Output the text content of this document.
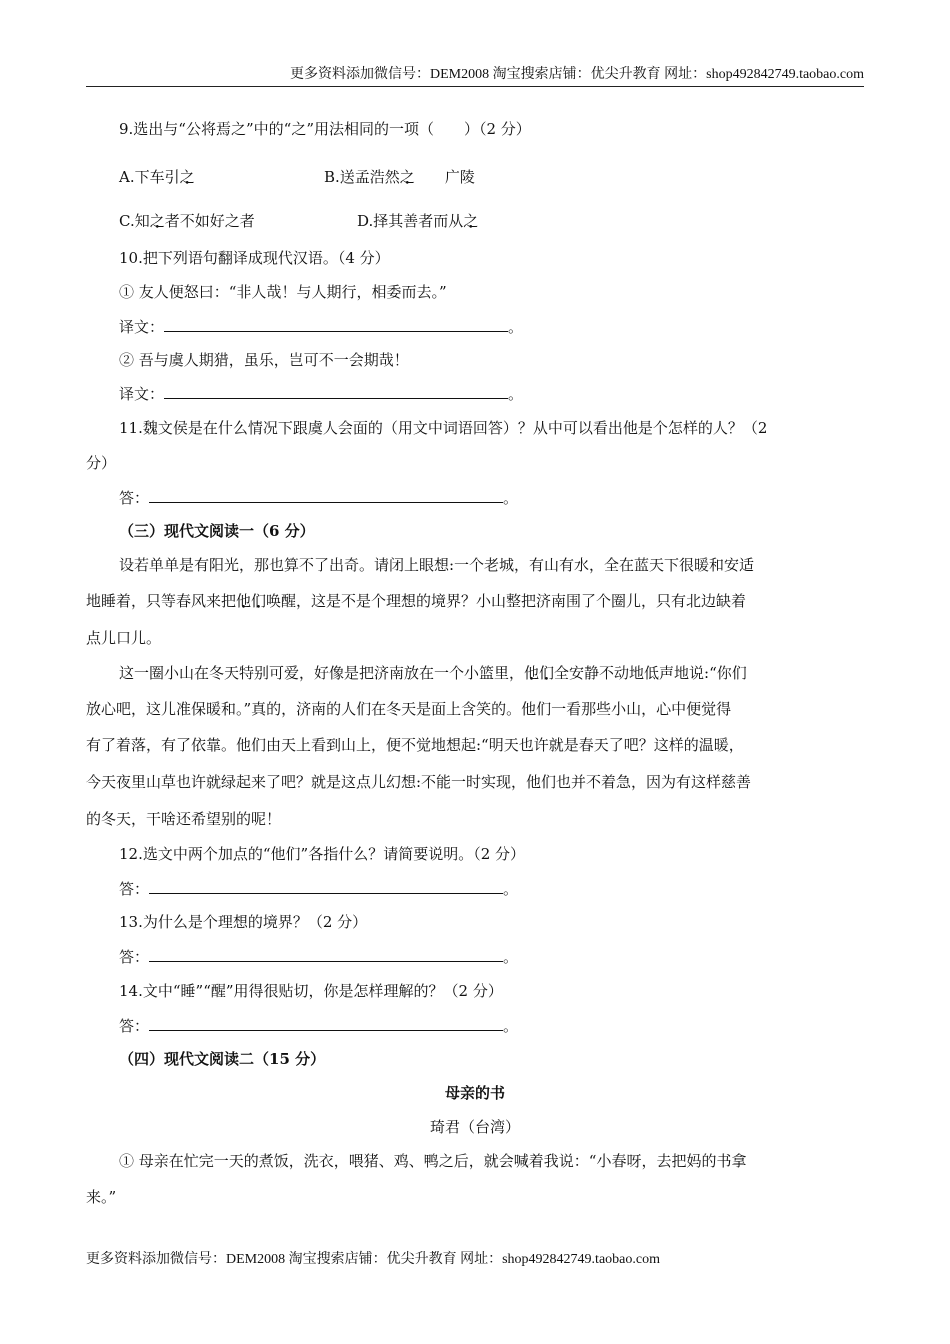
更多资料添加微信号：DEM2008 淘宝搜索店铺：优尖升教育 网址：shop492842749.taobao.com
9.选出与“公将焉之”中的“之”用法相同的一项（　　）（2 分）
A.下车引之	B.送孟浩然之　　广陵
C.知之者不如好之者	D.择其善者而从之
10.把下列语句翻译成现代汉语。（4 分）
① 友人便怒曰：“非人哉！与人期行，相委而去。”
译文：	。
② 吾与虞人期猎，虽乐，岂可不一会期哉！
译文：	。
11.魏文侯是在什么情况下跟虞人会面的（用文中词语回答）？从中可以看出他是个怎样的人？（2
分）
答：	。
（三）现代文阅读一（6 分）
设若单单是有阳光，那也算不了出奇。请闭上眼想:一个老城，有山有水，全在蓝天下很暖和安适
地睡着，只等春风来把他们唤醒，这是不是个理想的境界？小山整把济南围了个圈儿，只有北边缺着
点儿口儿。
这一圈小山在冬天特别可爱，好像是把济南放在一个小篮里，他们全安静不动地低声地说:“你们
放心吧，这儿准保暖和。”真的，济南的人们在冬天是面上含笑的。他们一看那些小山，心中便觉得
有了着落，有了依靠。他们由天上看到山上，便不觉地想起:“明天也许就是春天了吧？这样的温暖，
今天夜里山草也许就绿起来了吧？就是这点儿幻想:不能一时实现，他们也并不着急，因为有这样慈善
的冬天，干啥还希望别的呢！
12.选文中两个加点的“他们”各指什么？请简要说明。（2 分）
答：	。
13.为什么是个理想的境界？（2 分）
答：	。
14.文中“睡”“醒”用得很贴切，你是怎样理解的？（2 分）
答：	。
（四）现代文阅读二（15 分）
母亲的书
琦君（台湾）
① 母亲在忙完一天的煮饭，洗衣，喂猪、鸡、鸭之后，就会喊着我说：“小春呀，去把妈的书拿
来。”
更多资料添加微信号：DEM2008 淘宝搜索店铺：优尖升教育 网址：shop492842749.taobao.com
